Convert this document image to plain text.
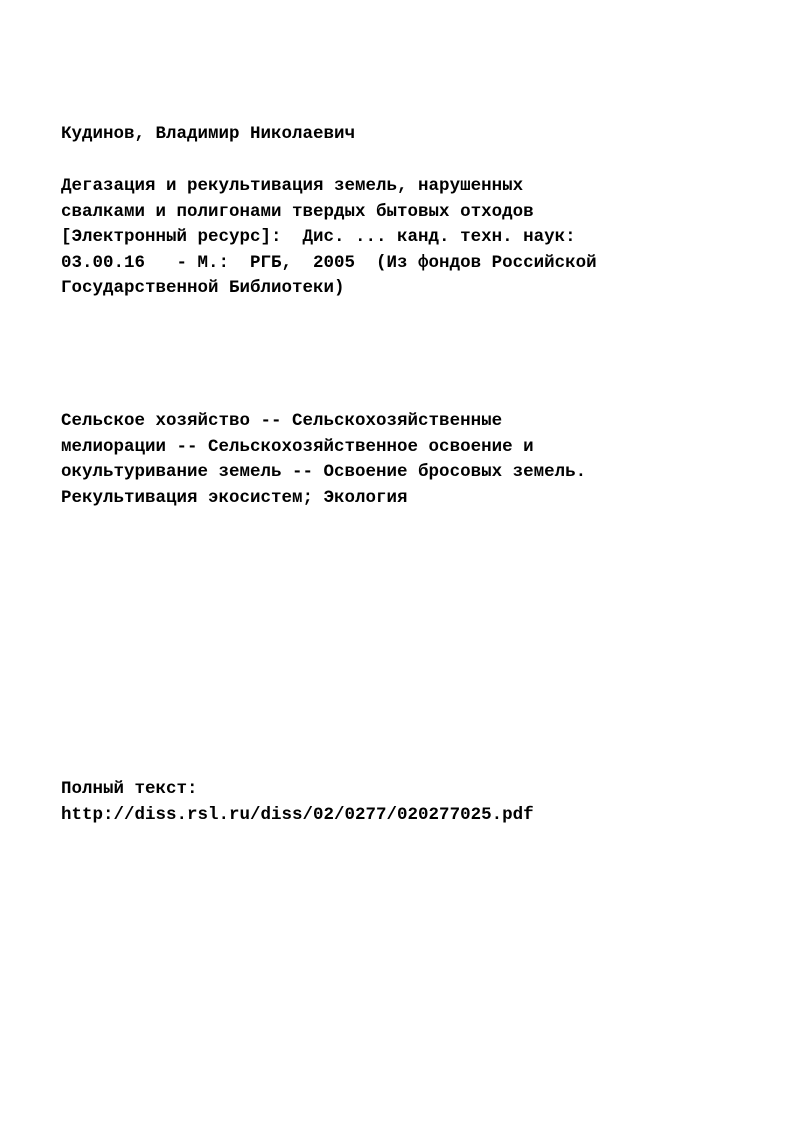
Кудинов, Владимир Николаевич
Дегазация и рекультивация земель, нарушенных
свалками и полигонами твердых бытовых отходов
[Электронный ресурс]:  Дис. ... канд. техн. наук:
03.00.16   - М.:  РГБ,  2005  (Из фондов Российской
Государственной Библиотеки)
Сельское хозяйство -- Сельскохозяйственные
мелиорации -- Сельскохозяйственное освоение и
окультуривание земель -- Освоение бросовых земель.
Рекультивация экосистем; Экология
Полный текст:
http://diss.rsl.ru/diss/02/0277/020277025.pdf
